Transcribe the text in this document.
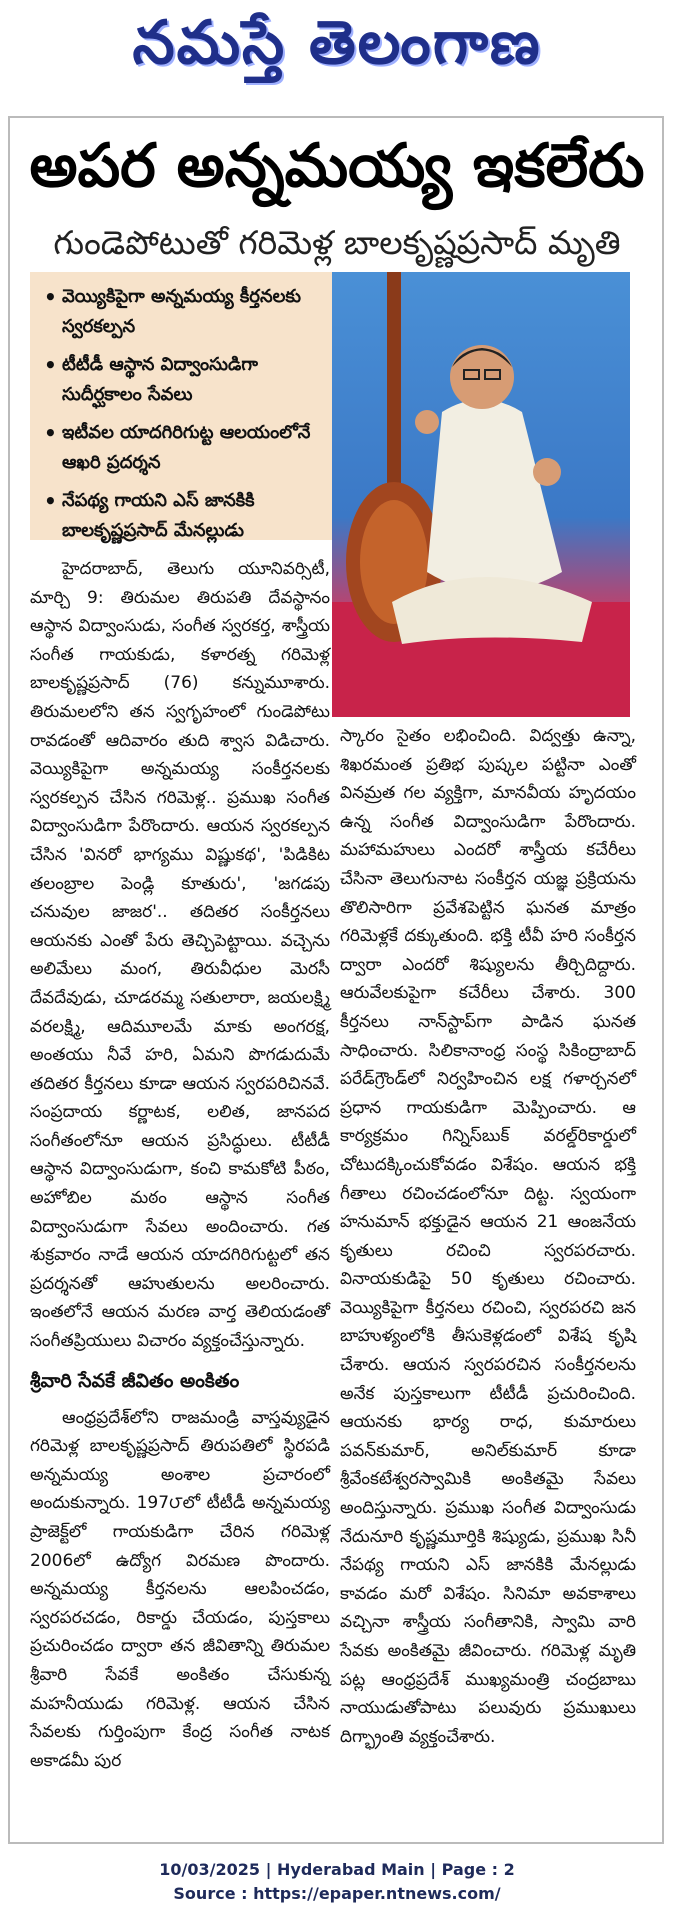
నమస్తే తెలంగాణ
అపర అన్నమయ్య ఇకలేరు
గుండెపోటుతో గరిమెళ్ల బాలకృష్ణప్రసాద్ మృతి
• వెయ్యికిపైగా అన్నమయ్య కీర్తనలకు స్వరకల్పన
• టీటీడీ ఆస్థాన విద్వాంసుడిగా సుదీర్ఘకాలం సేవలు
• ఇటీవల యాదగిరిగుట్ట ఆలయంలోనే ఆఖరి ప్రదర్శన
• నేపథ్య గాయని ఎస్ జానకికి బాలకృష్ణప్రసాద్ మేనల్లుడు

హైదరాబాద్, తెలుగు యూనివర్సిటీ, మార్చి 9: తిరుమల తిరుపతి దేవస్థానం ఆస్థాన విద్వాంసుడు, సంగీత స్వరకర్త, శాస్త్రీయ సంగీత గాయకుడు, కళారత్న గరిమెళ్ల బాలకృష్ణప్రసాద్ (76) కన్నుమూశారు. తిరుమలలోని తన స్వగృహంలో గుండెపోటు రావడంతో ఆదివారం తుది శ్వాస విడిచారు. వెయ్యికిపైగా అన్నమయ్య సంకీర్తనలకు స్వరకల్పన చేసిన గరిమెళ్ల.. ప్రముఖ సంగీత విద్వాంసుడిగా పేరొందారు. ఆయన స్వరకల్పన చేసిన 'వినరో భాగ్యము విష్ణుకథ', 'పిడికిట తలంబ్రాల పెండ్లి కూతురు', 'జగడపు చనువుల జాజర'.. తదితర సంకీర్తనలు ఆయనకు ఎంతో పేరు తెచ్చిపెట్టాయి. వచ్చెను అలిమేలు మంగ, తిరువీధుల మెరసీ దేవదేవుడు, చూడరమ్మ సతులారా, జయలక్ష్మి వరలక్ష్మి, ఆదిమూలమే మాకు అంగరక్ష, అంతయు నీవే హరి, ఏమని పొగడుదుమే తదితర కీర్తనలు కూడా ఆయన స్వరపరిచినవే. సంప్రదాయ కర్ణాటక, లలిత, జానపద సంగీతంలోనూ ఆయన ప్రసిద్ధులు. టీటీడీ ఆస్థాన విద్వాంసుడుగా, కంచి కామకోటి పీఠం, అహోబిల మఠం ఆస్థాన సంగీత విద్వాంసుడుగా సేవలు అందించారు. గత శుక్రవారం నాడే ఆయన యాదగిరిగుట్టలో తన ప్రదర్శనతో ఆహుతులను అలరించారు. ఇంతలోనే ఆయన మరణ వార్త తెలియడంతో సంగీతప్రియులు విచారం వ్యక్తంచేస్తున్నారు.

శ్రీవారి సేవకే జీవితం అంకితం

ఆంధ్రప్రదేశ్‌లోని రాజమండ్రి వాస్తవ్యుడైన గరిమెళ్ల బాలకృష్ణప్రసాద్ తిరుపతిలో స్థిరపడి అన్నమయ్య అంశాల ప్రచారంలో అందుకున్నారు. 197౮లో టీటీడీ అన్నమయ్య ప్రాజెక్ట్‌లో గాయకుడిగా చేరిన గరిమెళ్ల 2006లో ఉద్యోగ విరమణ పొందారు. అన్నమయ్య కీర్తనలను ఆలపించడం, స్వరపరచడం, రికార్డు చేయడం, పుస్తకాలు ప్రచురించడం ద్వారా తన జీవితాన్ని తిరుమల శ్రీవారి సేవకే అంకితం చేసుకున్న మహనీయుడు గరిమెళ్ల. ఆయన చేసిన సేవలకు గుర్తింపుగా కేంద్ర సంగీత నాటక అకాడమీ పుర

స్కారం సైతం లభించింది. విద్వత్తు ఉన్నా, శిఖరమంత ప్రతిభ పుష్కల పట్టినా ఎంతో వినమ్రత గల వ్యక్తిగా, మానవీయ హృదయం ఉన్న సంగీత విద్వాంసుడిగా పేరొందారు. మహామహులు ఎందరో శాస్త్రీయ కచేరీలు చేసినా తెలుగునాట సంకీర్తన యజ్ఞ ప్రక్రియను తొలిసారిగా ప్రవేశపెట్టిన ఘనత మాత్రం గరిమెళ్లకే దక్కుతుంది. భక్తి టీవీ హరి సంకీర్తన ద్వారా ఎందరో శిష్యులను తీర్చిదిద్దారు. ఆరువేలకుపైగా కచేరీలు చేశారు. 300 కీర్తనలు నాన్‌స్టాప్‌గా పాడిన ఘనత సాధించారు. సిలికానాంధ్ర సంస్థ సికింద్రాబాద్ పరేడ్‌గ్రౌండ్‌లో నిర్వహించిన లక్ష గళార్చనలో ప్రధాన గాయకుడిగా మెప్పించారు. ఆ కార్యక్రమం గిన్నిస్‌బుక్ వరల్డ్‌రికార్డులో చోటుదక్కించుకోవడం విశేషం. ఆయన భక్తి గీతాలు రచించడంలోనూ దిట్ట. స్వయంగా హనుమాన్ భక్తుడైన ఆయన 21 ఆంజనేయ కృతులు రచించి స్వరపరచారు. వినాయకుడిపై 50 కృతులు రచించారు. వెయ్యికిపైగా కీర్తనలు రచించి, స్వరపరచి జన బాహుళ్యంలోకి తీసుకెళ్లడంలో విశేష కృషి చేశారు. ఆయన స్వరపరచిన సంకీర్తనలను అనేక పుస్తకాలుగా టీటీడీ ప్రచురించింది. ఆయనకు భార్య రాధ, కుమారులు పవన్‌కుమార్, అనిల్‌కుమార్ కూడా శ్రీవేంకటేశ్వరస్వామికి అంకితమై సేవలు అందిస్తున్నారు. ప్రముఖ సంగీత విద్వాంసుడు నేదునూరి కృష్ణమూర్తికి శిష్యుడు, ప్రముఖ సినీ నేపథ్య గాయని ఎస్ జానకికి మేనల్లుడు కావడం మరో విశేషం. సినిమా అవకాశాలు వచ్చినా శాస్త్రీయ సంగీతానికి, స్వామి వారి సేవకు అంకితమై జీవించారు. గరిమెళ్ల మృతి పట్ల ఆంధ్రప్రదేశ్ ముఖ్యమంత్రి చంద్రబాబు నాయుడుతోపాటు పలువురు ప్రముఖులు దిగ్భ్రాంతి వ్యక్తంచేశారు.

10/03/2025 | Hyderabad Main | Page : 2
Source : https://epaper.ntnews.com/
